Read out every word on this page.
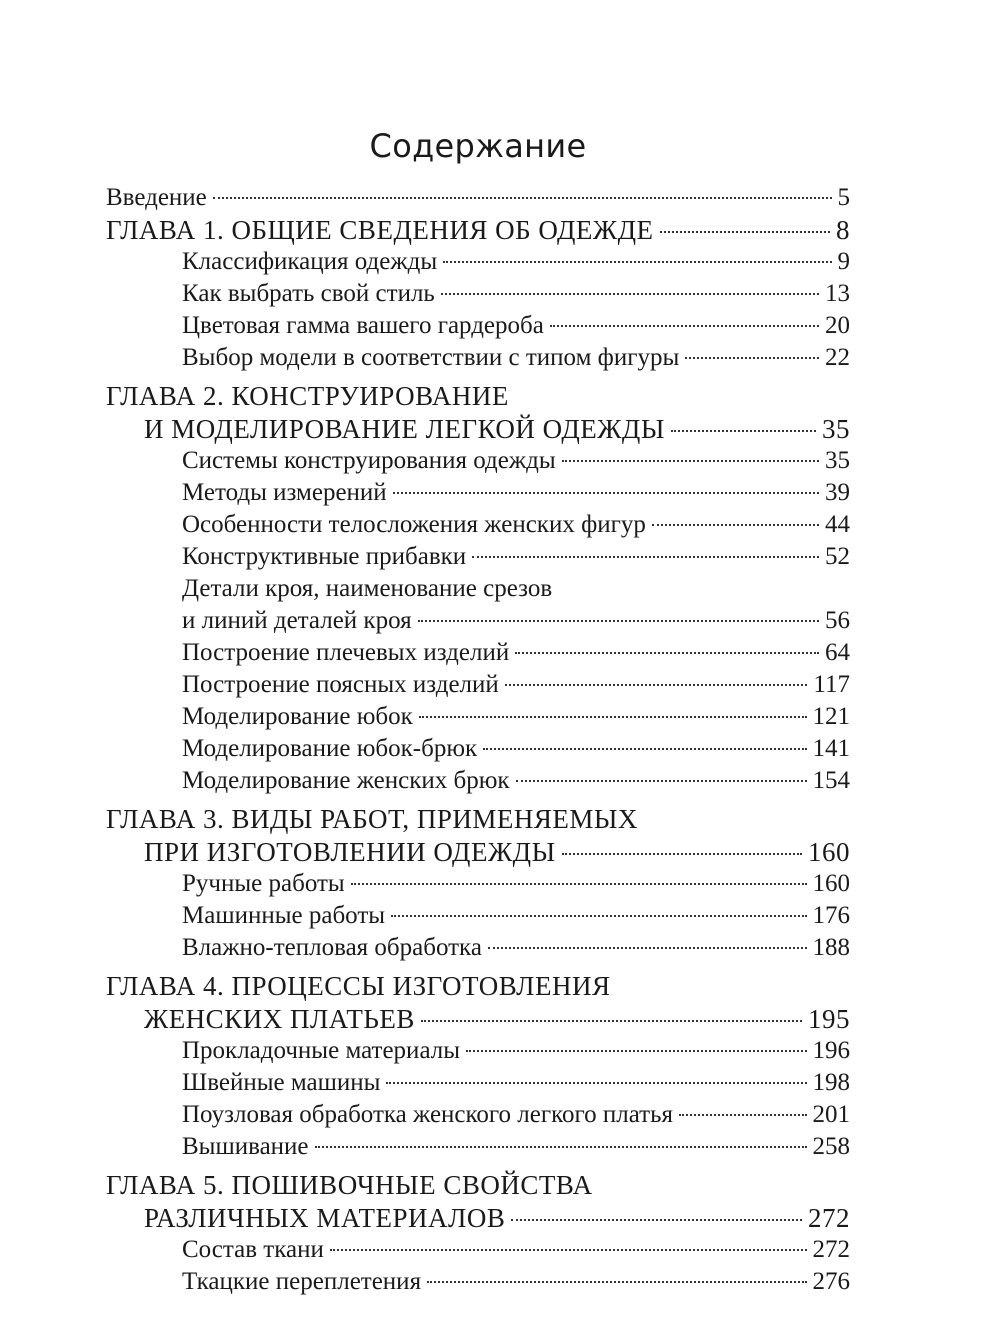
Содержание
Введение	5
ГЛАВА 1. ОБЩИЕ СВЕДЕНИЯ ОБ ОДЕЖДЕ	8
Классификация одежды	9
Как выбрать свой стиль	13
Цветовая гамма вашего гардероба	20
Выбор модели в соответствии с типом фигуры	22
ГЛАВА 2. КОНСТРУИРОВАНИЕ
И МОДЕЛИРОВАНИЕ ЛЕГКОЙ ОДЕЖДЫ	35
Системы конструирования одежды	35
Методы измерений	39
Особенности телосложения женских фигур	44
Конструктивные прибавки	52
Детали кроя, наименование срезов
и линий деталей кроя	56
Построение плечевых изделий	64
Построение поясных изделий	117
Моделирование юбок	121
Моделирование юбок-брюк	141
Моделирование женских брюк	154
ГЛАВА 3. ВИДЫ РАБОТ, ПРИМЕНЯЕМЫХ
ПРИ ИЗГОТОВЛЕНИИ ОДЕЖДЫ	160
Ручные работы	160
Машинные работы	176
Влажно-тепловая обработка	188
ГЛАВА 4. ПРОЦЕССЫ ИЗГОТОВЛЕНИЯ
ЖЕНСКИХ ПЛАТЬЕВ	195
Прокладочные материалы	196
Швейные машины	198
Поузловая обработка женского легкого платья	201
Вышивание	258
ГЛАВА 5. ПОШИВОЧНЫЕ СВОЙСТВА
РАЗЛИЧНЫХ МАТЕРИАЛОВ	272
Состав ткани	272
Ткацкие переплетения	276
